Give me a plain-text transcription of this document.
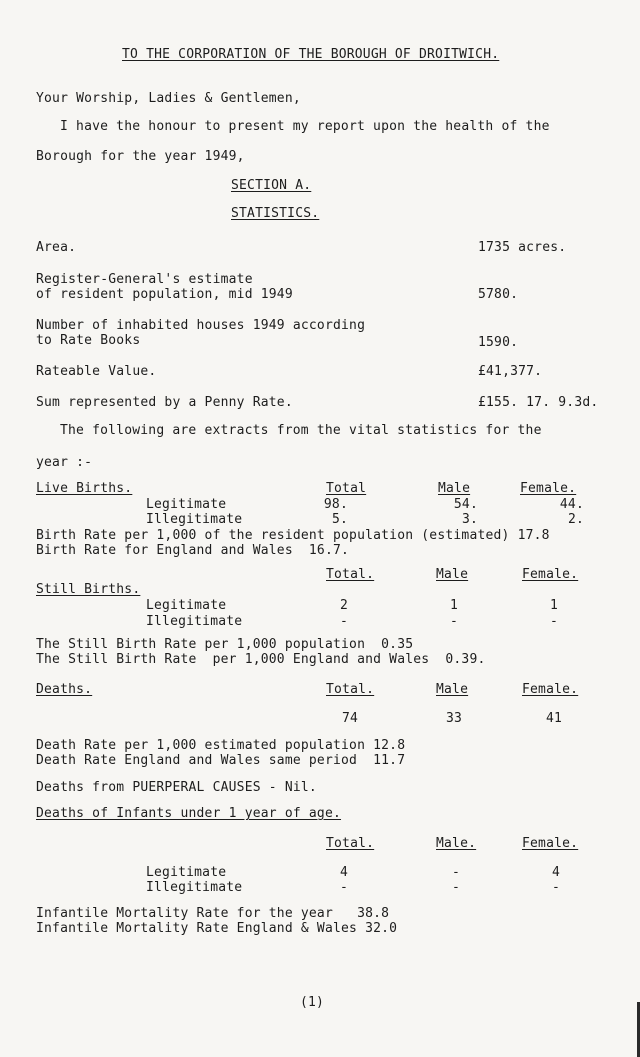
TO THE CORPORATION OF THE BOROUGH OF DROITWICH.
Your Worship, Ladies & Gentlemen,
I have the honour to present my report upon the health of the
Borough for the year 1949,
SECTION A.
STATISTICS.
Area.	1735 acres.
Register-General's estimate
of resident population, mid 1949	5780.
Number of inhabited houses 1949 according
to Rate Books	1590.
Rateable Value.	£41,377.
Sum represented by a Penny Rate.	£155. 17. 9.3d.
The following are extracts from the vital statistics for the
year :-
Live Births.	Total	Male	Female.
Legitimate	98.	54.	44.
Illegitimate	5.	3.	2.
Birth Rate per 1,000 of the resident population (estimated) 17.8
Birth Rate for England and Wales  16.7.
Total.	Male	Female.
Still Births.
Legitimate	2	1	1
Illegitimate	-	-	-
The Still Birth Rate per 1,000 population  0.35
The Still Birth Rate  per 1,000 England and Wales  0.39.
Deaths.	Total.	Male	Female.
74	33	41
Death Rate per 1,000 estimated population 12.8
Death Rate England and Wales same period  11.7
Deaths from PUERPERAL CAUSES - Nil.
Deaths of Infants under 1 year of age.
Total.	Male.	Female.
Legitimate	4	-	4
Illegitimate	-	-	-
Infantile Mortality Rate for the year   38.8
Infantile Mortality Rate England & Wales 32.0
(1)
